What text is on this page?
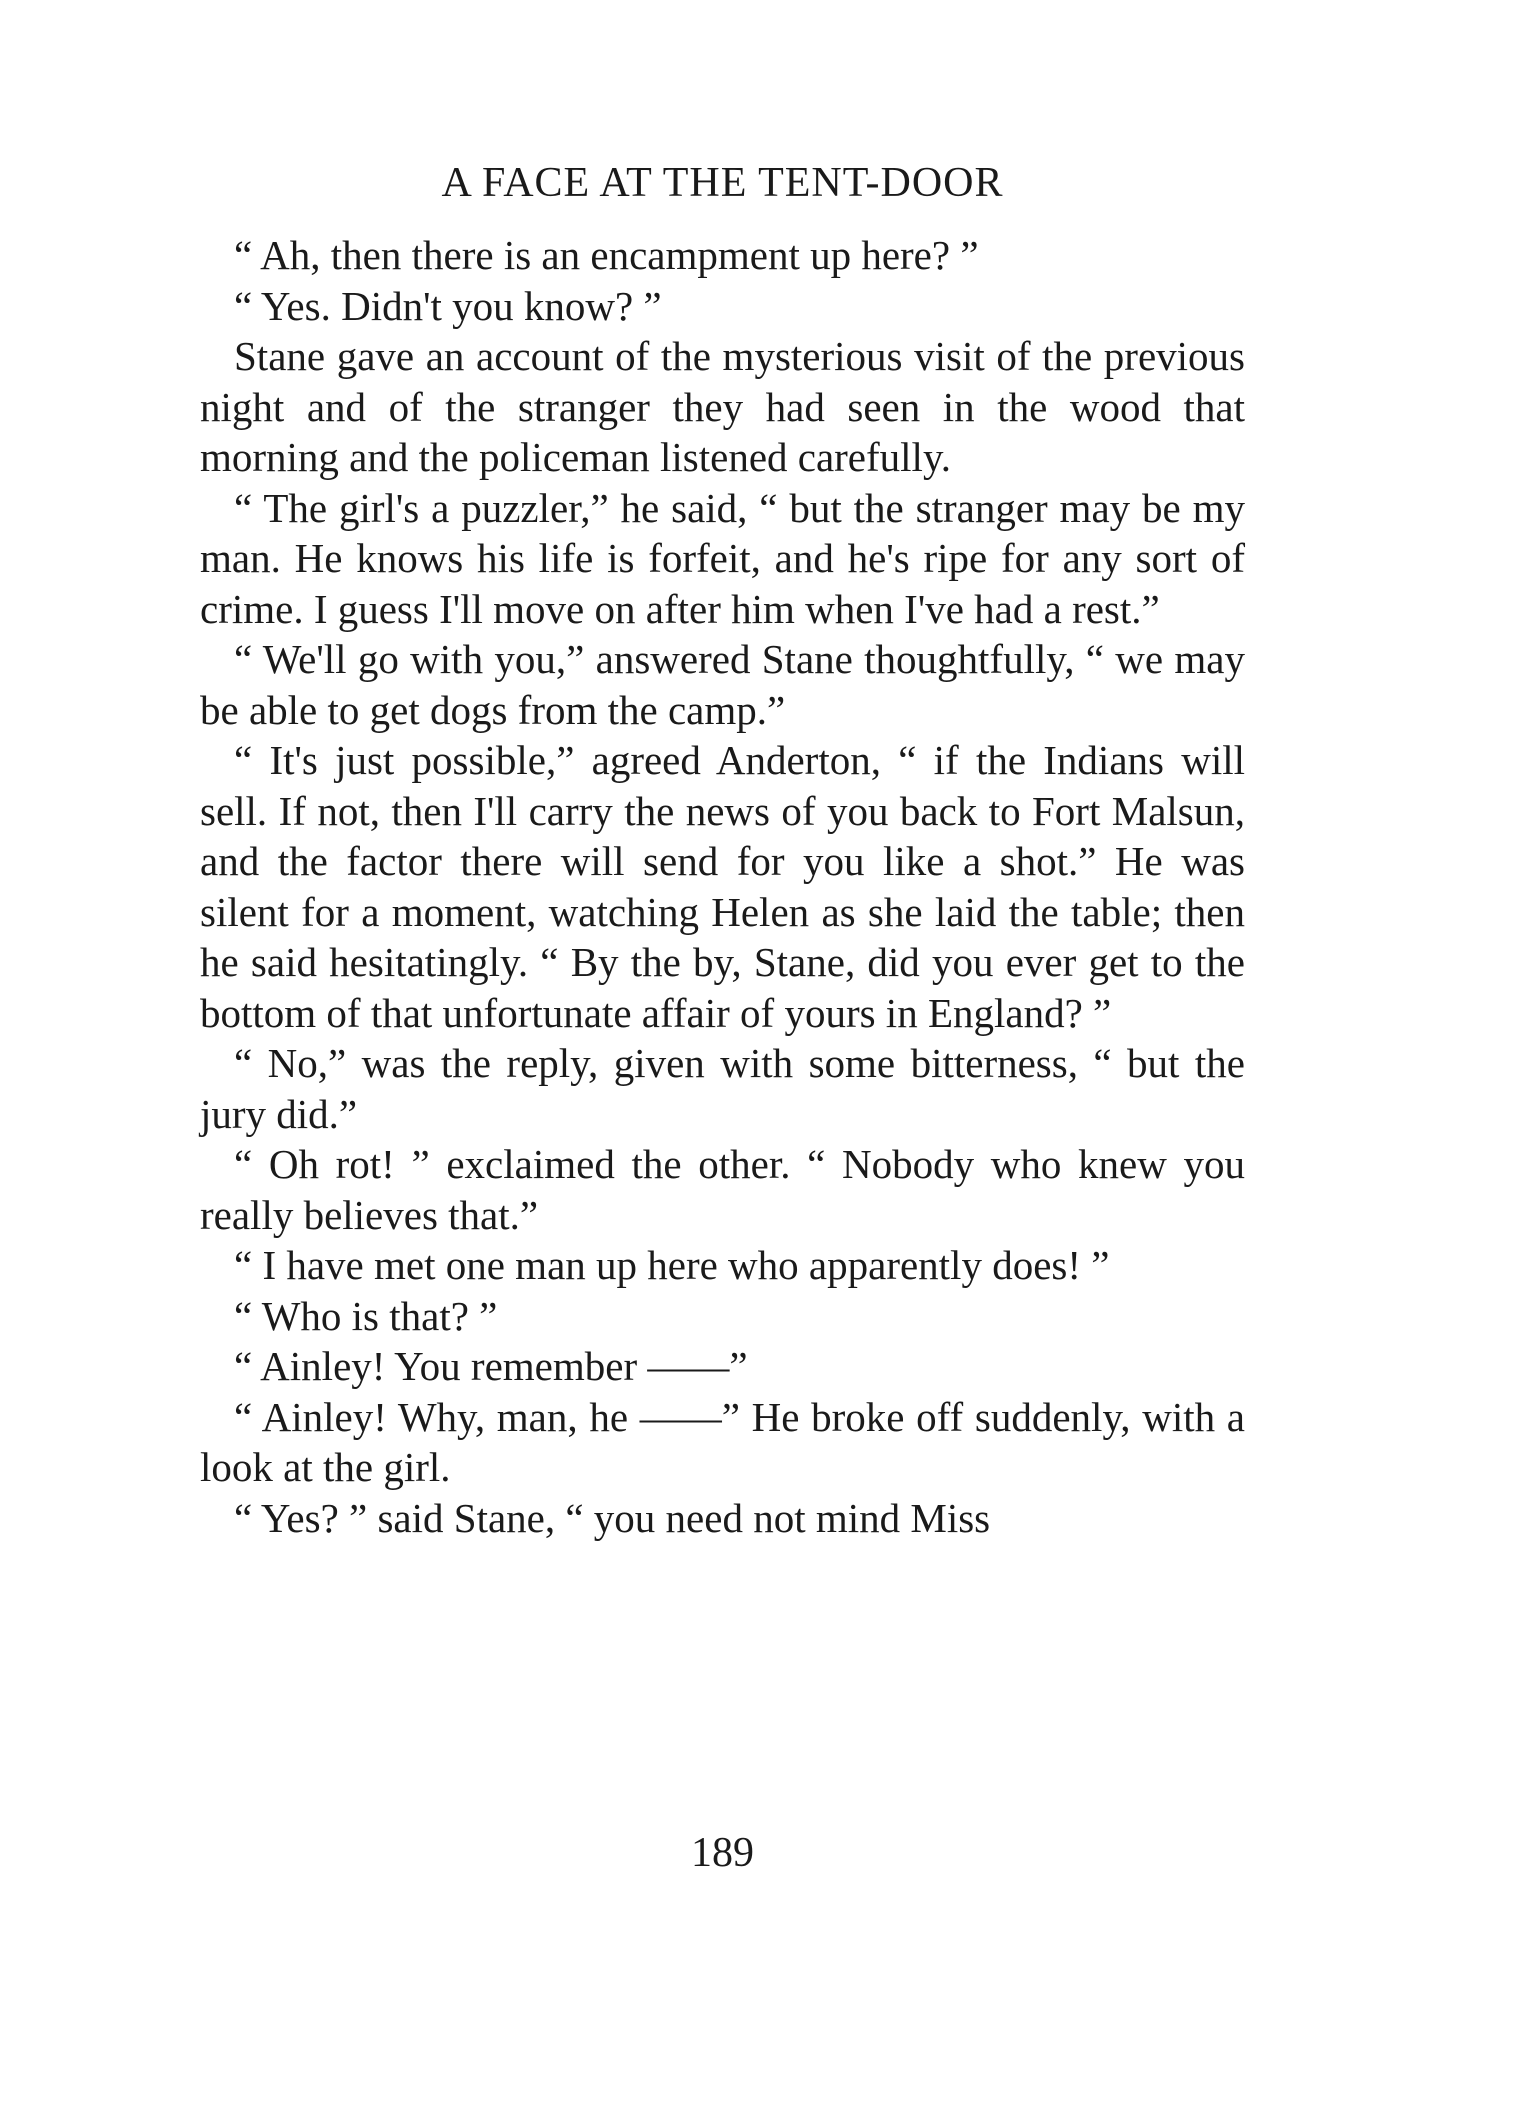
A FACE AT THE TENT-DOOR

“ Ah, then there is an encampment up here? ”

“ Yes. Didn't you know? ”

Stane gave an account of the mysterious visit of the previous night and of the stranger they had seen in the wood that morning and the policeman listened carefully.

“ The girl's a puzzler,” he said, “ but the stranger may be my man. He knows his life is forfeit, and he's ripe for any sort of crime. I guess I'll move on after him when I've had a rest.”

“ We'll go with you,” answered Stane thoughtfully, “ we may be able to get dogs from the camp.”

“ It's just possible,” agreed Anderton, “ if the Indians will sell. If not, then I'll carry the news of you back to Fort Malsun, and the factor there will send for you like a shot.” He was silent for a moment, watching Helen as she laid the table; then he said hesitatingly. “ By the by, Stane, did you ever get to the bottom of that unfortunate affair of yours in England? ”

“ No,” was the reply, given with some bitterness, “ but the jury did.”

“ Oh rot! ” exclaimed the other. “ Nobody who knew you really believes that.”

“ I have met one man up here who apparently does! ”

“ Who is that? ”

“ Ainley! You remember ——”

“ Ainley! Why, man, he ——” He broke off suddenly, with a look at the girl.

“ Yes? ” said Stane, “ you need not mind Miss

189
